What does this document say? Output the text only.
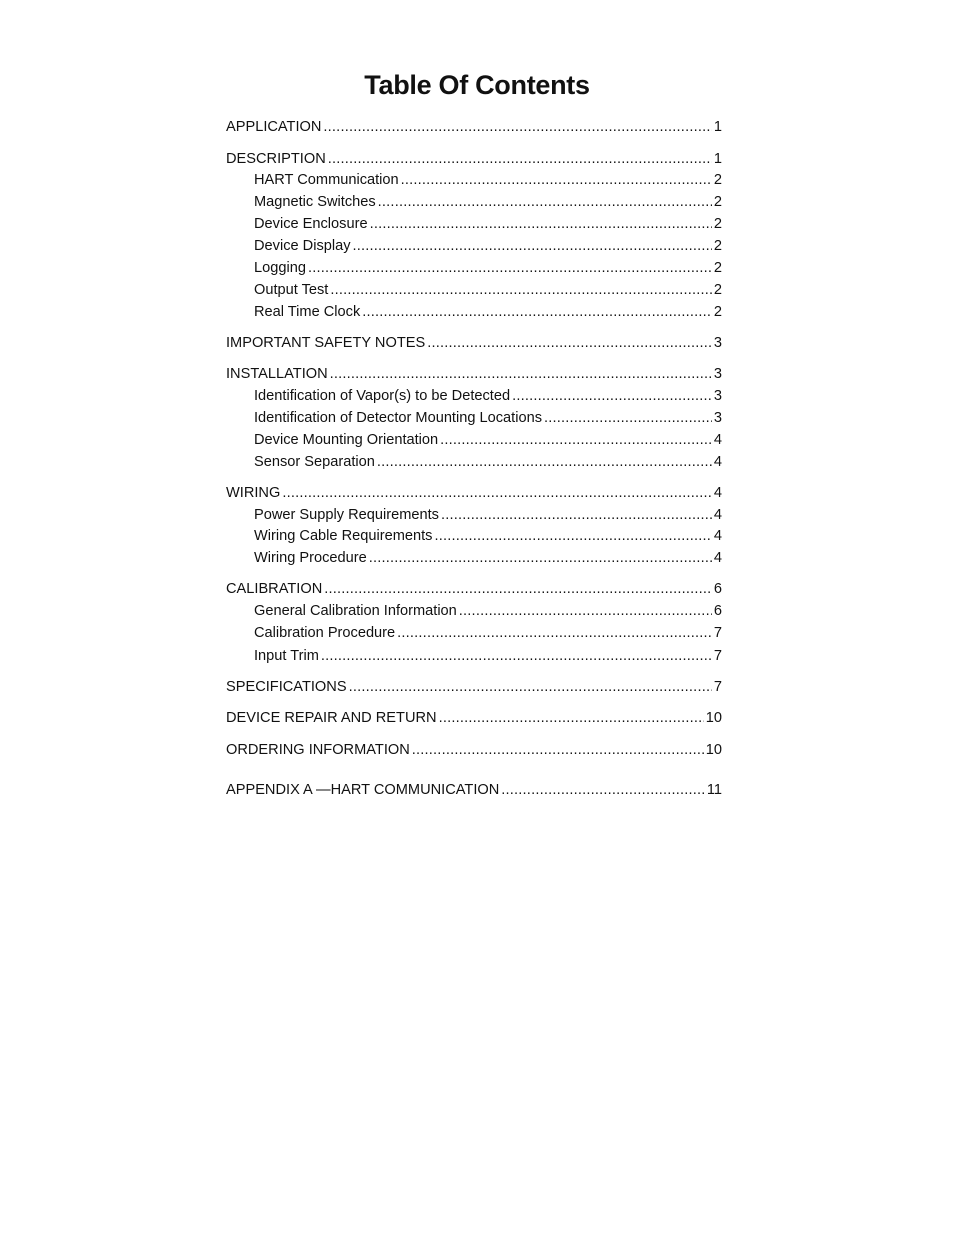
Table Of Contents
APPLICATION .....	1
DESCRIPTION .....	1
HART Communication .....	2
Magnetic Switches .....	2
Device Enclosure .....	2
Device Display .....	2
Logging .....	2
Output Test .....	2
Real Time Clock .....	2
IMPORTANT SAFETY NOTES .....	3
INSTALLATION .....	3
Identification of Vapor(s) to be Detected .....	3
Identification of Detector Mounting Locations .....	3
Device Mounting Orientation .....	4
Sensor Separation .....	4
WIRING .....	4
Power Supply Requirements .....	4
Wiring Cable Requirements .....	4
Wiring Procedure .....	4
CALIBRATION .....	6
General Calibration Information .....	6
Calibration Procedure .....	7
Input Trim .....	7
SPECIFICATIONS .....	7
DEVICE REPAIR AND RETURN .....	10
ORDERING INFORMATION .....	10
APPENDIX A —HART COMMUNICATION .....	11
